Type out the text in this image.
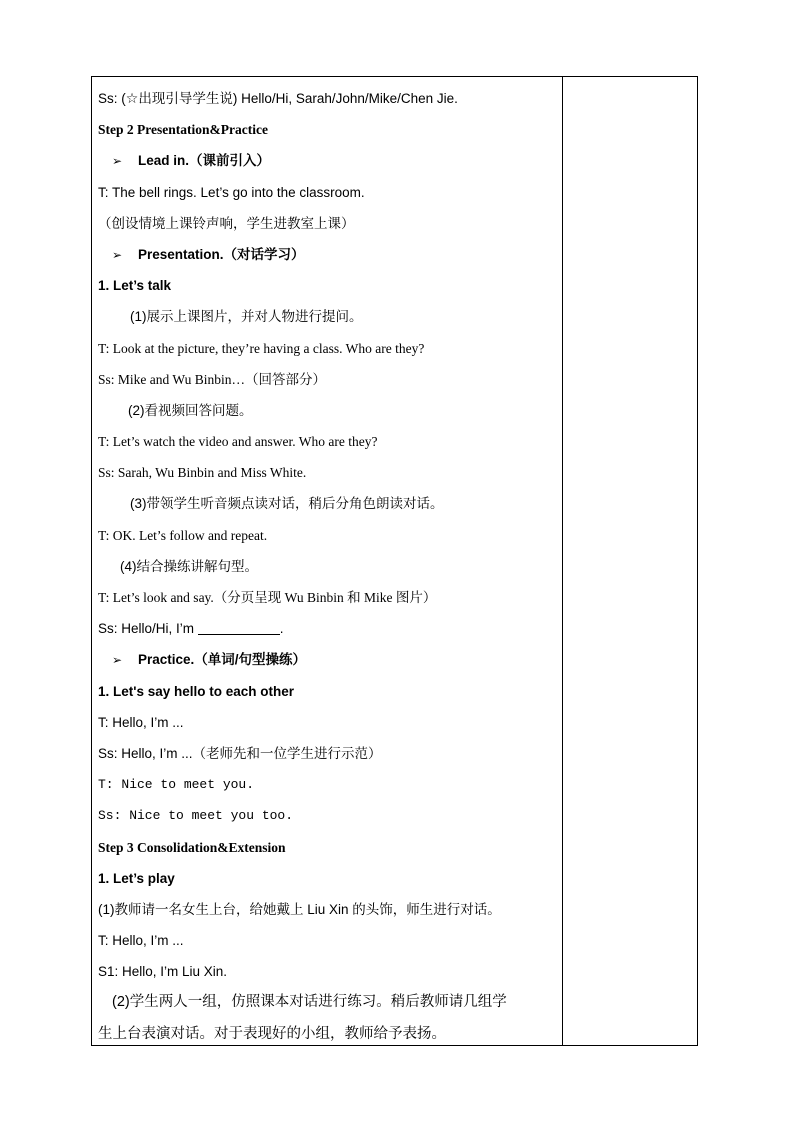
Ss: (☆出现引导学生说) Hello/Hi, Sarah/John/Mike/Chen Jie.
Step 2 Presentation&Practice
➢ Lead in.（课前引入）
T: The bell rings. Let’s go into the classroom.
（创设情境上课铃声响，学生进教室上课）
➢ Presentation.（对话学习）
1. Let’s talk
(1)展示上课图片，并对人物进行提问。
T: Look at the picture, they’re having a class. Who are they?
Ss: Mike and Wu Binbin…（回答部分）
(2)看视频回答问题。
T: Let’s watch the video and answer. Who are they?
Ss: Sarah, Wu Binbin and Miss White.
(3)带领学生听音频点读对话，稍后分角色朗读对话。
T: OK. Let’s follow and repeat.
(4)结合操练讲解句型。
T: Let’s look and say.（分页呈现 Wu Binbin 和 Mike 图片）
Ss: Hello/Hi, I’m	.
➢ Practice.（单词/句型操练）
1. Let's say hello to each other
T: Hello, I’m ...
Ss: Hello, I’m ...（老师先和一位学生进行示范）
T: Nice to meet you.
Ss: Nice to meet you too.
Step 3 Consolidation&Extension
1. Let’s play
(1)教师请一名女生上台，给她戴上 Liu Xin 的头饰，师生进行对话。
T: Hello, I’m ...
S1: Hello, I’m Liu Xin.
(2)学生两人一组，仿照课本对话进行练习。稍后教师请几组学
生上台表演对话。对于表现好的小组，教师给予表扬。
